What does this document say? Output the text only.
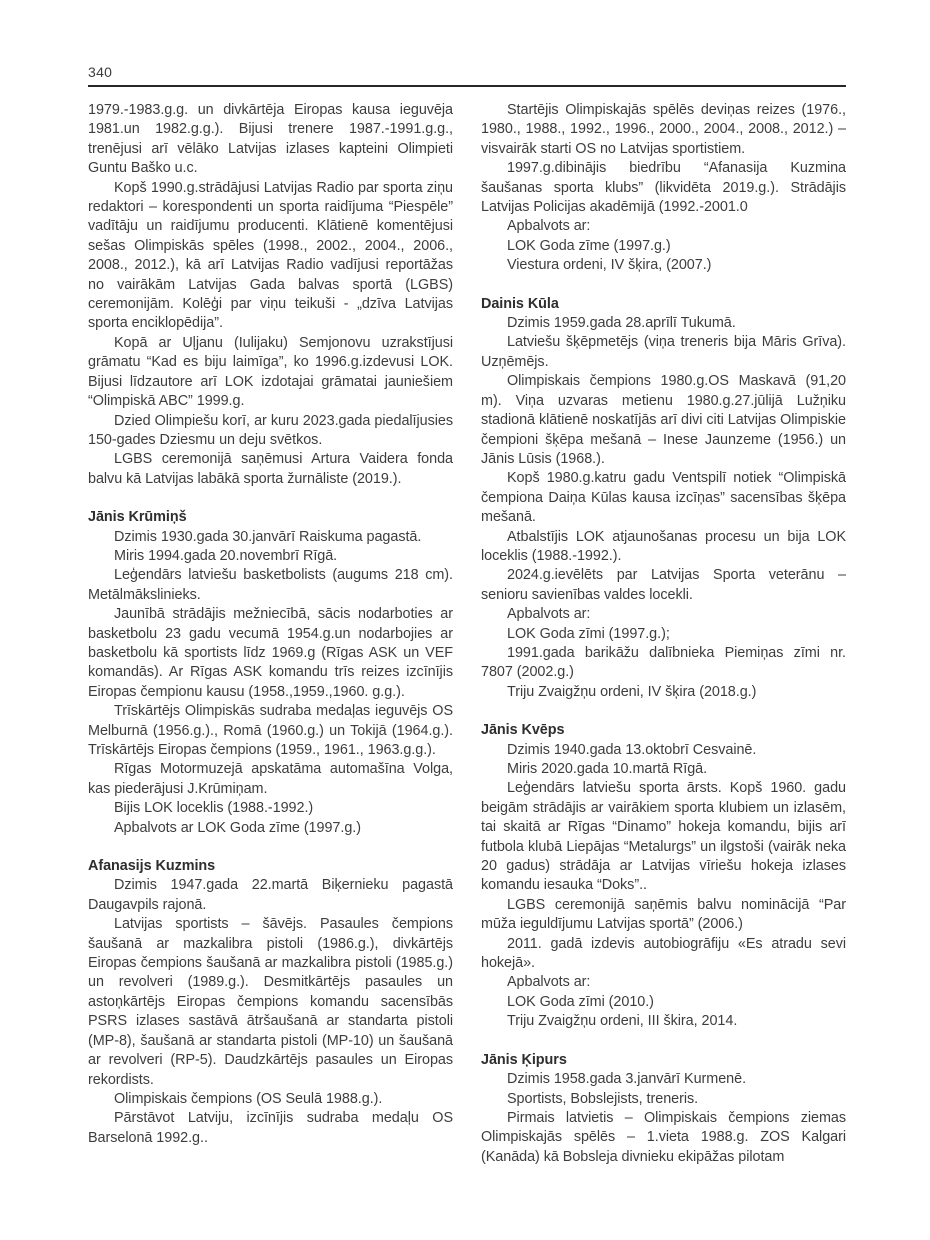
340

1979.-1983.g.g. un divkārtēja Eiropas kausa ieguvēja 1981.un 1982.g.g.). Bijusi trenere 1987.-1991.g.g., trenējusi arī vēlāko Latvijas izlases kapteini Olimpieti Guntu Baško u.c.

Kopš 1990.g.strādājusi Latvijas Radio par sporta ziņu redaktori – korespondenti un sporta raidījuma “Piespēle” vadītāju un raidījumu producenti. Klātienē komentējusi sešas Olimpiskās spēles (1998., 2002., 2004., 2006., 2008., 2012.), kā arī Latvijas Radio vadījusi reportāžas no vairākām Latvijas Gada balvas sportā (LGBS) ceremonijām. Kolēģi par viņu teikuši - „dzīva Latvijas sporta enciklopēdija”.

Kopā ar Uļjanu (Iulijaku) Semjonovu uzrakstījusi grāmatu “Kad es biju laimīga”, ko 1996.g.izdevusi LOK. Bijusi līdzautore arī LOK izdotajai grāmatai jauniešiem “Olimpiskā ABC” 1999.g.

Dzied Olimpiešu korī, ar kuru 2023.gada piedalījusies 150-gades Dziesmu un deju svētkos.

LGBS ceremonijā saņēmusi Artura Vaidera fonda balvu kā Latvijas labākā sporta žurnāliste (2019.).

Jānis Krūmiņš

Dzimis 1930.gada 30.janvārī Raiskuma pagastā.

Miris 1994.gada 20.novembrī Rīgā.

Leģendārs latviešu basketbolists (augums 218 cm). Metālmākslinieks.

Jaunībā strādājis mežniecībā, sācis nodarboties ar basketbolu 23 gadu vecumā 1954.g.un nodarbojies ar basketbolu kā sportists līdz 1969.g (Rīgas ASK un VEF komandās). Ar Rīgas ASK komandu trīs reizes izcīnījis Eiropas čempionu kausu (1958.,1959.,1960. g.g.).

Trīskārtējs Olimpiskās sudraba medaļas ieguvējs OS Melburnā (1956.g.)., Romā (1960.g.) un Tokijā (1964.g.). Trīskārtējs Eiropas čempions (1959., 1961., 1963.g.g.).

Rīgas Motormuzejā apskatāma automašīna Volga, kas piederājusi J.Krūmiņam.

Bijis LOK loceklis (1988.-1992.)

Apbalvots ar LOK Goda zīme (1997.g.)

Afanasijs Kuzmins

Dzimis 1947.gada 22.martā Biķernieku pagastā Daugavpils rajonā.

Latvijas sportists – šāvējs. Pasaules čempions šaušanā ar mazkalibra pistoli (1986.g.), divkārtējs Eiropas čempions šaušanā ar mazkalibra pistoli (1985.g.) un revolveri (1989.g.). Desmitkārtējs pasaules un astoņkārtējs Eiropas čempions komandu sacensībās PSRS izlases sastāvā ātršaušanā ar standarta pistoli (MP-8), šaušanā ar standarta pistoli (MP-10) un šaušanā ar revolveri (RP-5). Daudzkārtējs pasaules un Eiropas rekordists.

Olimpiskais čempions (OS Seulā 1988.g.).

Pārstāvot Latviju, izcīnījis sudraba medaļu OS Barselonā 1992.g..

Startējis Olimpiskajās spēlēs deviņas reizes (1976., 1980., 1988., 1992., 1996., 2000., 2004., 2008., 2012.) – visvairāk starti OS no Latvijas sportistiem.

1997.g.dibinājis biedrību “Afanasija Kuzmina šaušanas sporta klubs” (likvidēta 2019.g.). Strādājis Latvijas Policijas akadēmijā (1992.-2001.0

Apbalvots ar:

LOK Goda zīme (1997.g.)

Viestura ordeni, IV šķira, (2007.)

Dainis Kūla

Dzimis 1959.gada 28.aprīlī Tukumā.

Latviešu šķēpmetējs (viņa treneris bija Māris Grīva). Uzņēmējs.

Olimpiskais čempions 1980.g.OS Maskavā (91,20 m). Viņa uzvaras metienu 1980.g.27.jūlijā Lužņiku stadionā klātienē noskatījās arī divi citi Latvijas Olimpiskie čempioni šķēpa mešanā – Inese Jaunzeme (1956.) un Jānis Lūsis (1968.).

Kopš 1980.g.katru gadu Ventspilī notiek “Olimpiskā čempiona Daiņa Kūlas kausa izcīņas” sacensības šķēpa mešanā.

Atbalstījis LOK atjaunošanas procesu un bija LOK loceklis (1988.-1992.).

2024.g.ievēlēts par Latvijas Sporta veterānu – senioru savienības valdes locekli.

Apbalvots ar:

LOK Goda zīmi (1997.g.);

1991.gada barikāžu dalībnieka Piemiņas zīmi nr. 7807 (2002.g.)

Triju Zvaigžņu ordeni, IV šķira (2018.g.)

Jānis Kvēps

Dzimis 1940.gada 13.oktobrī Cesvainē.

Miris 2020.gada 10.martā Rīgā.

Leģendārs latviešu sporta ārsts. Kopš 1960. gadu beigām strādājis ar vairākiem sporta klubiem un izlasēm, tai skaitā ar Rīgas “Dinamo” hokeja komandu, bijis arī futbola klubā Liepājas “Metalurgs” un ilgstoši (vairāk neka 20 gadus) strādāja ar Latvijas vīriešu hokeja izlases komandu iesauka “Doks”..

LGBS ceremonijā saņēmis balvu nominācijā “Par mūža ieguldījumu Latvijas sportā” (2006.)

2011. gadā izdevis autobiogrāfiju «Es atradu sevi hokejā».

Apbalvots ar:

LOK Goda zīmi (2010.)

Triju Zvaigžņu ordeni, III škira, 2014.

Jānis Ķipurs

Dzimis 1958.gada 3.janvārī Kurmenē.

Sportists, Bobslejists, treneris.

Pirmais latvietis – Olimpiskais čempions ziemas Olimpiskajās spēlēs – 1.vieta 1988.g. ZOS Kalgari (Kanāda) kā Bobsleja divnieku ekipāžas pilotam
